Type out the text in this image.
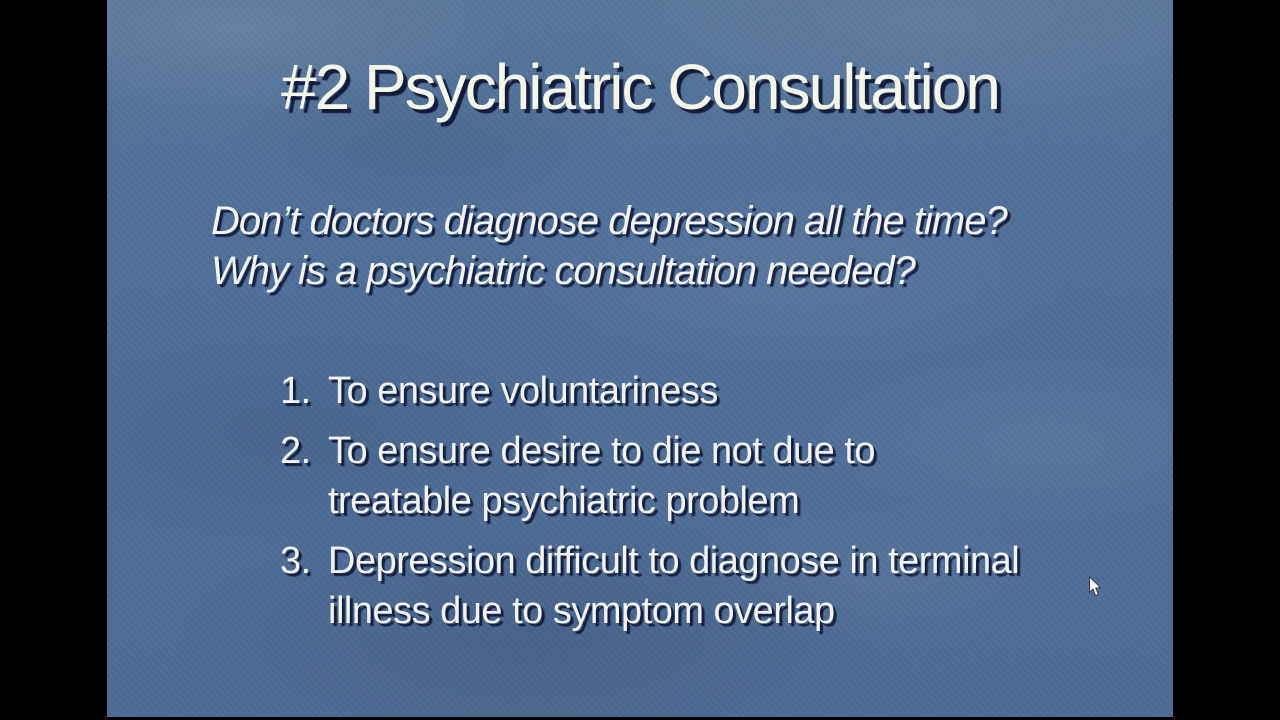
#2 Psychiatric Consultation
Don’t doctors diagnose depression all the time?
Why is a psychiatric consultation needed?
1. To ensure voluntariness
2. To ensure desire to die not due to
treatable psychiatric problem
3. Depression difficult to diagnose in terminal
illness due to symptom overlap
